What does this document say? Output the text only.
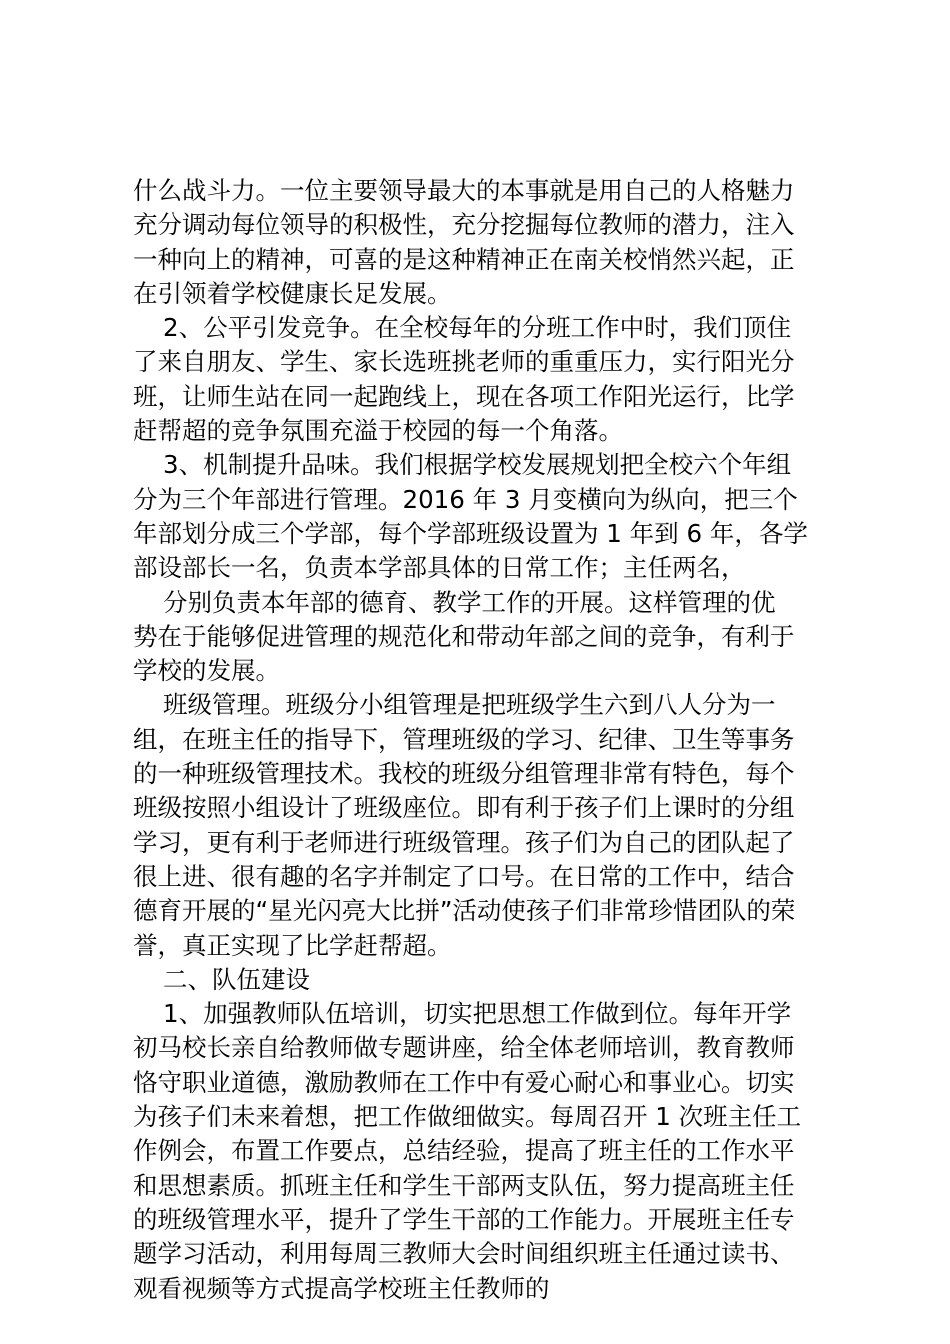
什么战斗力。一位主要领导最大的本事就是用自己的人格魅力
充分调动每位领导的积极性，充分挖掘每位教师的潜力，注入
一种向上的精神，可喜的是这种精神正在南关校悄然兴起，正
在引领着学校健康长足发展。
2、公平引发竞争。在全校每年的分班工作中时，我们顶住
了来自朋友、学生、家长选班挑老师的重重压力，实行阳光分
班，让师生站在同一起跑线上，现在各项工作阳光运行，比学
赶帮超的竞争氛围充溢于校园的每一个角落。
3、机制提升品味。我们根据学校发展规划把全校六个年组
分为三个年部进行管理。2016 年 3 月变横向为纵向，把三个
年部划分成三个学部，每个学部班级设置为 1 年到 6 年，各学
部设部长一名，负责本学部具体的日常工作；主任两名，
分别负责本年部的德育、教学工作的开展。这样管理的优
势在于能够促进管理的规范化和带动年部之间的竞争，有利于
学校的发展。
班级管理。班级分小组管理是把班级学生六到八人分为一
组，在班主任的指导下，管理班级的学习、纪律、卫生等事务
的一种班级管理技术。我校的班级分组管理非常有特色，每个
班级按照小组设计了班级座位。即有利于孩子们上课时的分组
学习，更有利于老师进行班级管理。孩子们为自己的团队起了
很上进、很有趣的名字并制定了口号。在日常的工作中，结合
德育开展的“星光闪亮大比拼”活动使孩子们非常珍惜团队的荣
誉，真正实现了比学赶帮超。
二、队伍建设
1、加强教师队伍培训，切实把思想工作做到位。每年开学
初马校长亲自给教师做专题讲座，给全体老师培训，教育教师
恪守职业道德，激励教师在工作中有爱心耐心和事业心。切实
为孩子们未来着想，把工作做细做实。每周召开 1 次班主任工
作例会，布置工作要点，总结经验，提高了班主任的工作水平
和思想素质。抓班主任和学生干部两支队伍，努力提高班主任
的班级管理水平，提升了学生干部的工作能力。开展班主任专
题学习活动，利用每周三教师大会时间组织班主任通过读书、
观看视频等方式提高学校班主任教师的
